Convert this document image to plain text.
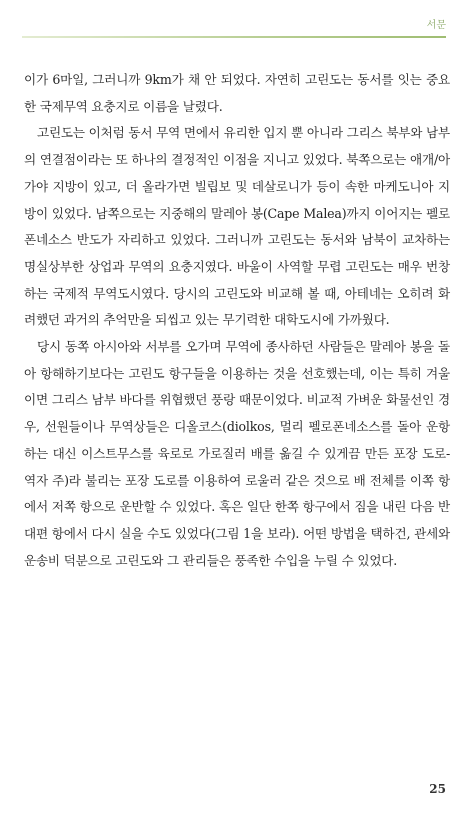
서문

이가 6마일, 그러니까 9km가 채 안 되었다. 자연히 고린도는 동서를 잇는 중요한 국제무역 요충지로 이름을 날렸다.

고린도는 이처럼 동서 무역 면에서 유리한 입지 뿐 아니라 그리스 북부와 남부의 연결점이라는 또 하나의 결정적인 이점을 지니고 있었다. 북쪽으로는 애개/아가야 지방이 있고, 더 올라가면 빌립보 및 데살로니가 등이 속한 마케도니아 지방이 있었다. 남쪽으로는 지중해의 말레아 봉(Cape Malea)까지 이어지는 펠로폰네소스 반도가 자리하고 있었다. 그러니까 고린도는 동서와 남북이 교차하는 명실상부한 상업과 무역의 요충지였다. 바울이 사역할 무렵 고린도는 매우 번창하는 국제적 무역도시였다. 당시의 고린도와 비교해 볼 때, 아테네는 오히려 화려했던 과거의 추억만을 되씹고 있는 무기력한 대학도시에 가까웠다.

당시 동쪽 아시아와 서부를 오가며 무역에 종사하던 사람들은 말레아 봉을 돌아 항해하기보다는 고린도 항구들을 이용하는 것을 선호했는데, 이는 특히 겨울이면 그리스 남부 바다를 위협했던 풍랑 때문이었다. 비교적 가벼운 화물선인 경우, 선원들이나 무역상들은 디올코스(diolkos, 멀리 펠로폰네소스를 돌아 운항하는 대신 이스트무스를 육로로 가로질러 배를 옮길 수 있게끔 만든 포장 도로-역자 주)라 불리는 포장 도로를 이용하여 로울러 같은 것으로 배 전체를 이쪽 항에서 저쪽 항으로 운반할 수 있었다. 혹은 일단 한쪽 항구에서 짐을 내린 다음 반대편 항에서 다시 실을 수도 있었다(그림 1을 보라). 어떤 방법을 택하건, 관세와 운송비 덕분으로 고린도와 그 관리들은 풍족한 수입을 누릴 수 있었다.

25
